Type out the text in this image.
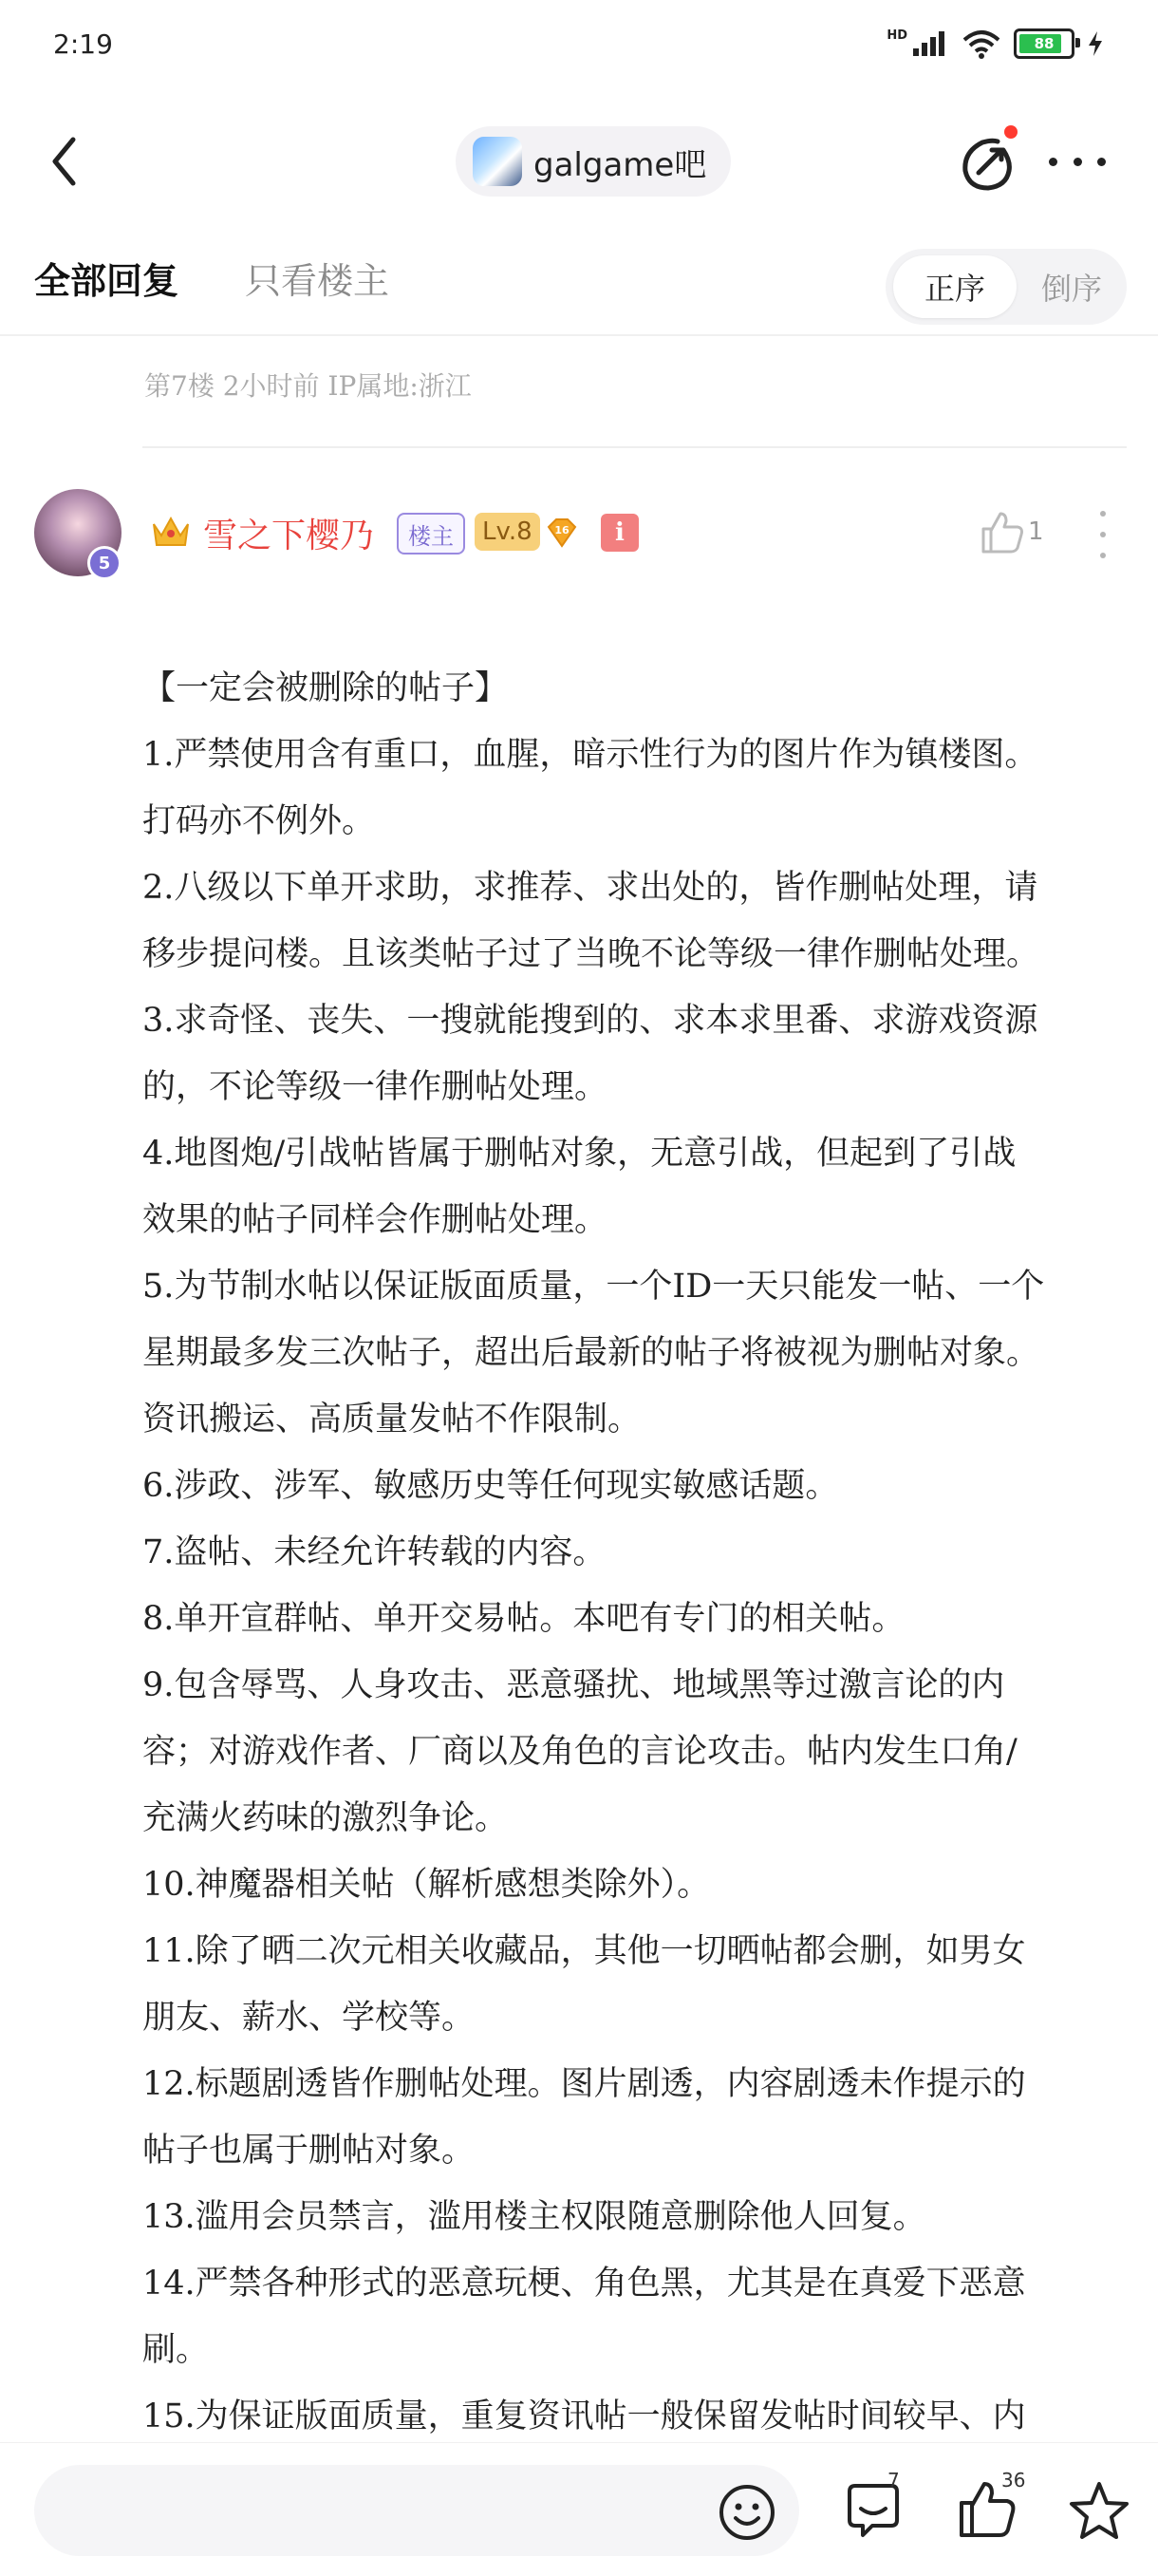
2:19	HD	88
galgame吧
全部回复 只看楼主	正序	倒序
第7楼 2小时前 IP属地:浙江
5
雪之下樱乃	楼主	Lv.8	16	i	1
【一定会被删除的帖子】
1.严禁使用含有重口，血腥，暗示性行为的图片作为镇楼图。
打码亦不例外。
2.八级以下单开求助，求推荐、求出处的，皆作删帖处理，请
移步提问楼。且该类帖子过了当晚不论等级一律作删帖处理。
3.求奇怪、丧失、一搜就能搜到的、求本求里番、求游戏资源
的，不论等级一律作删帖处理。
4.地图炮/引战帖皆属于删帖对象，无意引战，但起到了引战
效果的帖子同样会作删帖处理。
5.为节制水帖以保证版面质量，一个ID一天只能发一帖、一个
星期最多发三次帖子，超出后最新的帖子将被视为删帖对象。
资讯搬运、高质量发帖不作限制。
6.涉政、涉军、敏感历史等任何现实敏感话题。
7.盗帖、未经允许转载的内容。
8.单开宣群帖、单开交易帖。本吧有专门的相关帖。
9.包含辱骂、人身攻击、恶意骚扰、地域黑等过激言论的内
容；对游戏作者、厂商以及角色的言论攻击。帖内发生口角/
充满火药味的激烈争论。
10.神魔器相关帖（解析感想类除外）。
11.除了晒二次元相关收藏品，其他一切晒帖都会删，如男女
朋友、薪水、学校等。
12.标题剧透皆作删帖处理。图片剧透，内容剧透未作提示的
帖子也属于删帖对象。
13.滥用会员禁言，滥用楼主权限随意删除他人回复。
14.严禁各种形式的恶意玩梗、角色黑，尤其是在真爱下恶意
刷。
15.为保证版面质量，重复资讯帖一般保留发帖时间较早、内
7	36
